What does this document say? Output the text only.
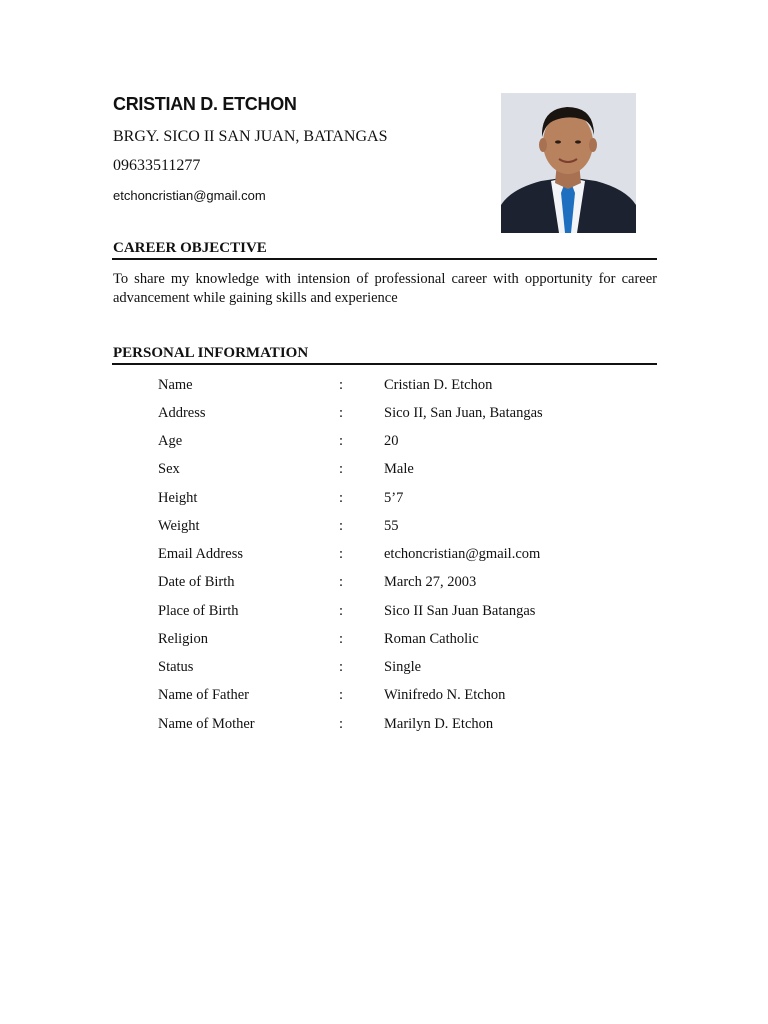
CRISTIAN D. ETCHON
BRGY. SICO II SAN JUAN, BATANGAS
09633511277
etchoncristian@gmail.com
CAREER OBJECTIVE
To share my knowledge with intension of professional career with opportunity for career advancement while gaining skills and experience
PERSONAL INFORMATION
Name	:	Cristian D. Etchon
Address	:	Sico II, San Juan, Batangas
Age	:	20
Sex	:	Male
Height	:	5’7
Weight	:	55
Email Address	:	etchoncristian@gmail.com
Date of Birth	:	March 27, 2003
Place of Birth	:	Sico II San Juan Batangas
Religion	:	Roman Catholic
Status	:	Single
Name of Father	:	Winifredo N. Etchon
Name of Mother	:	Marilyn D. Etchon
